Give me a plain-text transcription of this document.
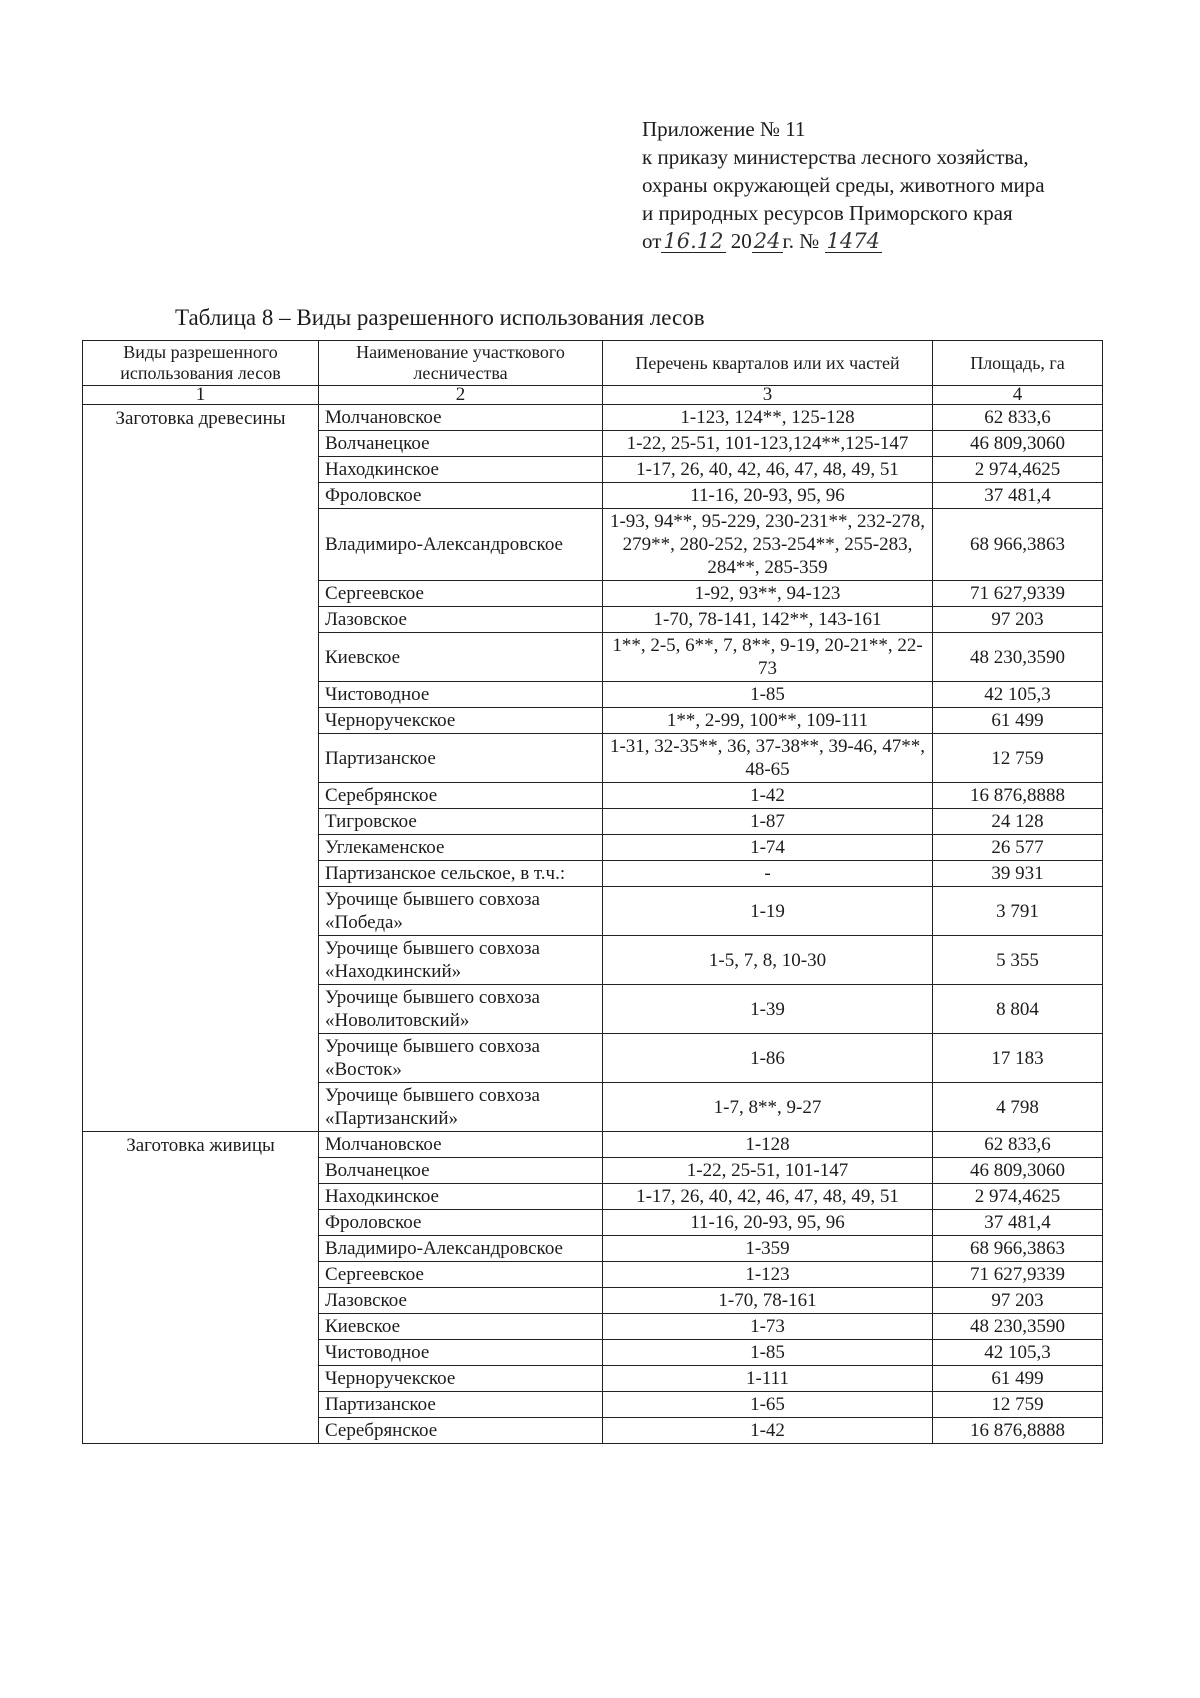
Приложение № 11
к приказу министерства лесного хозяйства,
охраны окружающей среды, животного мира
и природных ресурсов Приморского края
от16.12 2024г. № 1474
Таблица 8 – Виды разрешенного использования лесов
Виды разрешенного использования лесов	Наименование участкового лесничества	Перечень кварталов или их частей	Площадь, га
1	2	3	4
Заготовка древесины	Молчановское	1-123, 124**, 125-128	62 833,6
	Волчанецкое	1-22, 25-51, 101-123,124**,125-147	46 809,3060
	Находкинское	1-17, 26, 40, 42, 46, 47, 48, 49, 51	2 974,4625
	Фроловское	11-16, 20-93, 95, 96	37 481,4
	Владимиро-Александровское	1-93, 94**, 95-229, 230-231**, 232-278, 279**, 280-252, 253-254**, 255-283, 284**, 285-359	68 966,3863
	Сергеевское	1-92, 93**, 94-123	71 627,9339
	Лазовское	1-70, 78-141, 142**, 143-161	97 203
	Киевское	1**, 2-5, 6**, 7, 8**, 9-19, 20-21**, 22-73	48 230,3590
	Чистоводное	1-85	42 105,3
	Черноручекское	1**, 2-99, 100**, 109-111	61 499
	Партизанское	1-31, 32-35**, 36, 37-38**, 39-46, 47**, 48-65	12 759
	Серебрянское	1-42	16 876,8888
	Тигровское	1-87	24 128
	Углекаменское	1-74	26 577
	Партизанское сельское, в т.ч.:	-	39 931
	Урочище бывшего совхоза «Победа»	1-19	3 791
	Урочище бывшего совхоза «Находкинский»	1-5, 7, 8, 10-30	5 355
	Урочище бывшего совхоза «Новолитовский»	1-39	8 804
	Урочище бывшего совхоза «Восток»	1-86	17 183
	Урочище бывшего совхоза «Партизанский»	1-7, 8**, 9-27	4 798
Заготовка живицы	Молчановское	1-128	62 833,6
	Волчанецкое	1-22, 25-51, 101-147	46 809,3060
	Находкинское	1-17, 26, 40, 42, 46, 47, 48, 49, 51	2 974,4625
	Фроловское	11-16, 20-93, 95, 96	37 481,4
	Владимиро-Александровское	1-359	68 966,3863
	Сергеевское	1-123	71 627,9339
	Лазовское	1-70, 78-161	97 203
	Киевское	1-73	48 230,3590
	Чистоводное	1-85	42 105,3
	Черноручекское	1-111	61 499
	Партизанское	1-65	12 759
	Серебрянское	1-42	16 876,8888
